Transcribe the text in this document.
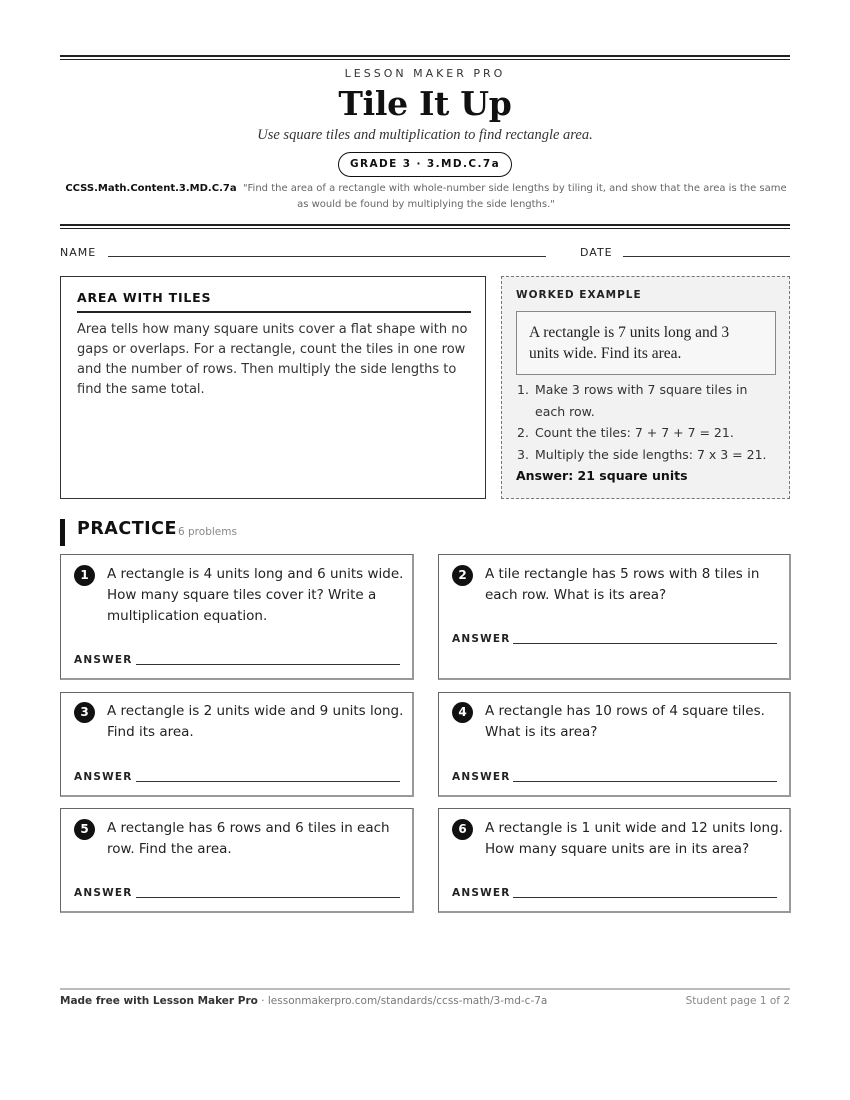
LESSON MAKER PRO
Tile It Up
Use square tiles and multiplication to find rectangle area.
GRADE 3 · 3.MD.C.7a
CCSS.Math.Content.3.MD.C.7a "Find the area of a rectangle with whole-number side lengths by tiling it, and show that the area is the same as would be found by multiplying the side lengths."
NAME	DATE
AREA WITH TILES
Area tells how many square units cover a flat shape with no gaps or overlaps. For a rectangle, count the tiles in one row and the number of rows. Then multiply the side lengths to find the same total.
WORKED EXAMPLE
A rectangle is 7 units long and 3 units wide. Find its area.
1. Make 3 rows with 7 square tiles in each row.
2. Count the tiles: 7 + 7 + 7 = 21.
3. Multiply the side lengths: 7 x 3 = 21.
Answer: 21 square units
PRACTICE 6 problems
1	A rectangle is 4 units long and 6 units wide. How many square tiles cover it? Write a multiplication equation.
ANSWER
2	A tile rectangle has 5 rows with 8 tiles in each row. What is its area?
ANSWER
3	A rectangle is 2 units wide and 9 units long. Find its area.
ANSWER
4	A rectangle has 10 rows of 4 square tiles. What is its area?
ANSWER
5	A rectangle has 6 rows and 6 tiles in each row. Find the area.
ANSWER
6	A rectangle is 1 unit wide and 12 units long. How many square units are in its area?
ANSWER
Made free with Lesson Maker Pro · lessonmakerpro.com/standards/ccss-math/3-md-c-7a	Student page 1 of 2
